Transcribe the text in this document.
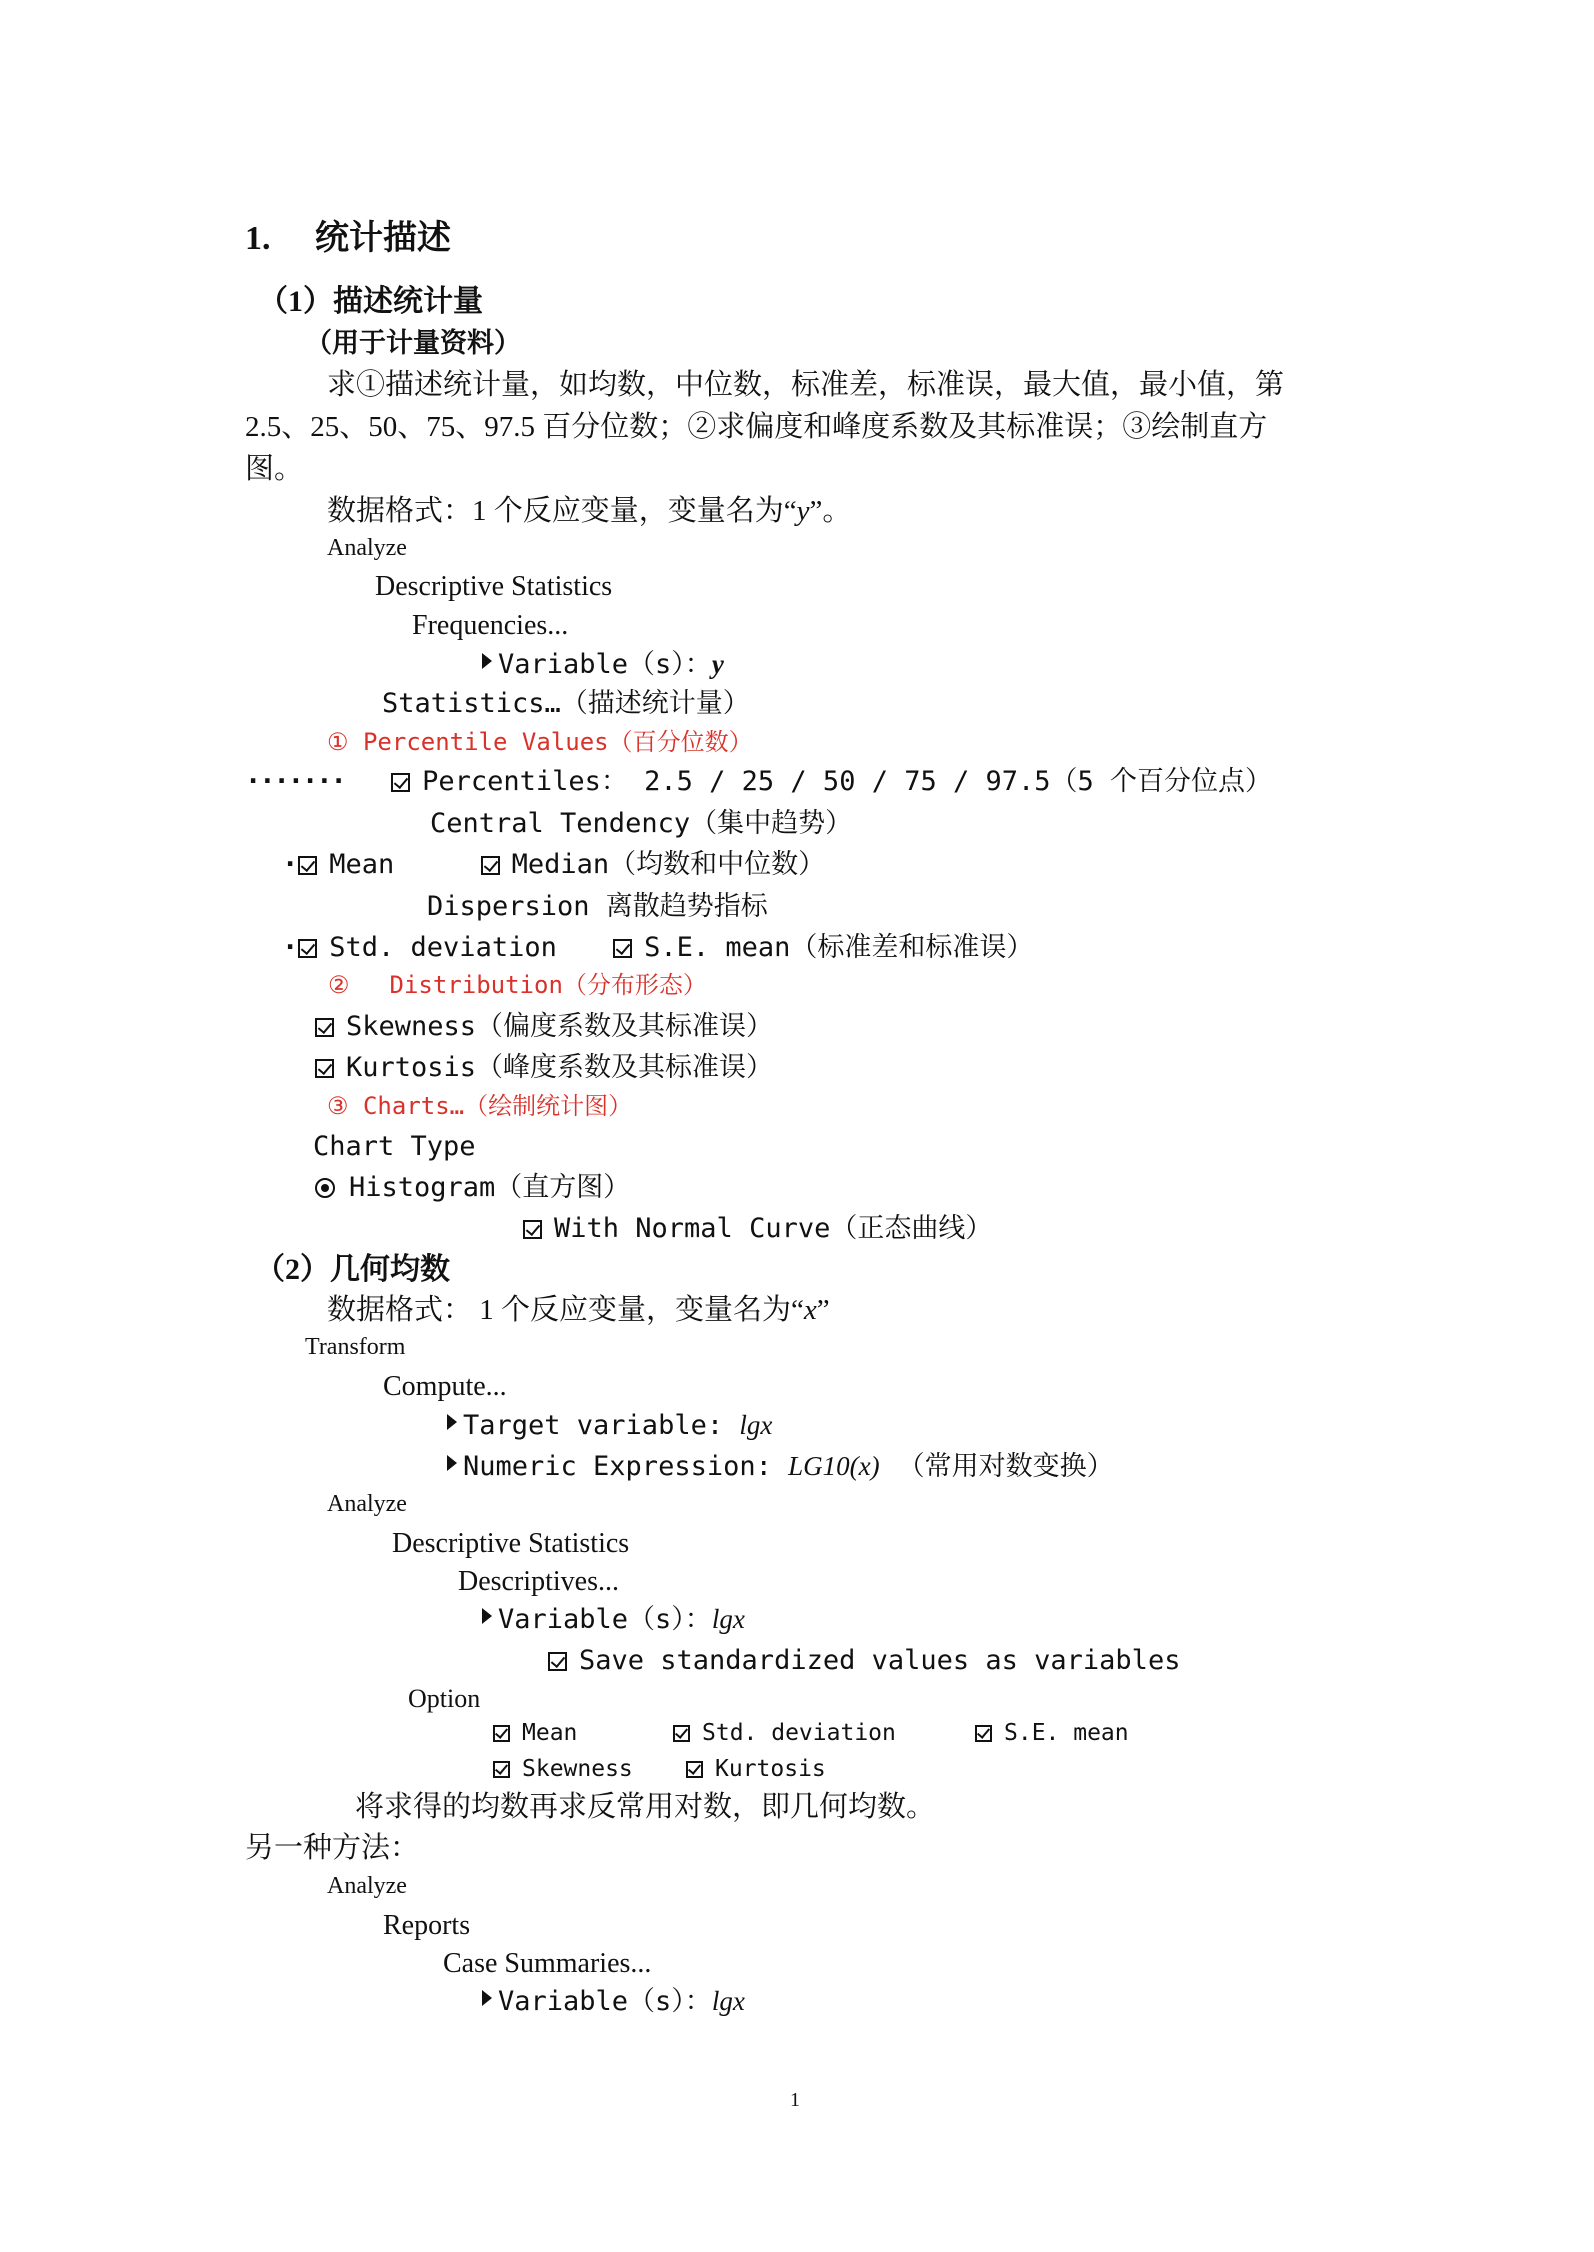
1. 统计描述
（1）描述统计量
（用于计量资料）
求①描述统计量，如均数，中位数，标准差，标准误，最大值，最小值，第
2.5、25、50、75、97.5 百分位数；②求偏度和峰度系数及其标准误；③绘制直方
图。
数据格式：1 个反应变量，变量名为“y”。
Analyze
Descriptive Statistics
Frequencies...
Variable（s）：y
Statistics…（描述统计量）
① Percentile Values（百分位数）
·······	Percentiles： 2.5 / 25 / 50 / 75 / 97.5（5 个百分位点）
Central Tendency（集中趋势）
· Mean	Median（均数和中位数）
Dispersion 离散趋势指标
· Std. deviation	S.E. mean（标准差和标准误）
② Distribution（分布形态）
Skewness（偏度系数及其标准误）
Kurtosis（峰度系数及其标准误）
③ Charts…（绘制统计图）
Chart Type
Histogram（直方图）
With Normal Curve（正态曲线）
（2）几何均数
数据格式： 1 个反应变量，变量名为“x”
Transform
Compute...
Target variable: lgx
Numeric Expression: LG10(x) （常用对数变换）
Analyze
Descriptive Statistics
Descriptives...
Variable（s）：lgx
Save standardized values as variables
Option
Mean	Std. deviation	S.E. mean
Skewness	Kurtosis
将求得的均数再求反常用对数，即几何均数。
另一种方法：
Analyze
Reports
Case Summaries...
Variable（s）：lgx
1
